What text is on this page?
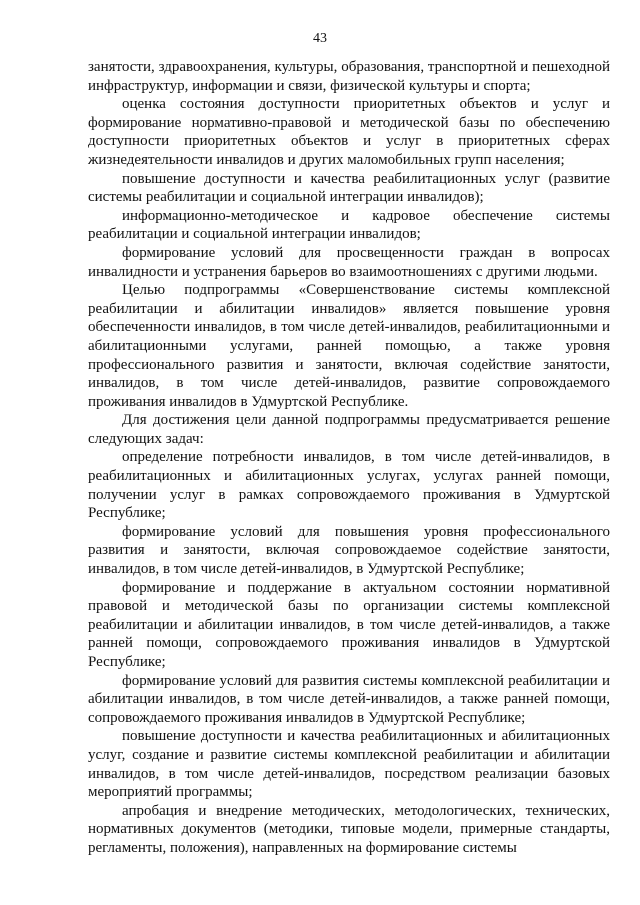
43

занятости, здравоохранения, культуры, образования, транспортной и пешеходной инфраструктур, информации и связи, физической культуры и спорта;

оценка состояния доступности приоритетных объектов и услуг и формирование нормативно-правовой и методической базы по обеспечению доступности приоритетных объектов и услуг в приоритетных сферах жизнедеятельности инвалидов и других маломобильных групп населения;

повышение доступности и качества реабилитационных услуг (развитие системы реабилитации и социальной интеграции инвалидов);

информационно-методическое и кадровое обеспечение системы реабилитации и социальной интеграции инвалидов;

формирование условий для просвещенности граждан в вопросах инвалидности и устранения барьеров во взаимоотношениях с другими людьми.

Целью подпрограммы «Совершенствование системы комплексной реабилитации и абилитации инвалидов» является повышение уровня обеспеченности инвалидов, в том числе детей-инвалидов, реабилитационными и абилитационными услугами, ранней помощью, а также уровня профессионального развития и занятости, включая содействие занятости, инвалидов, в том числе детей-инвалидов, развитие сопровождаемого проживания инвалидов в Удмуртской Республике.

Для достижения цели данной подпрограммы предусматривается решение следующих задач:

определение потребности инвалидов, в том числе детей-инвалидов, в реабилитационных и абилитационных услугах, услугах ранней помощи, получении услуг в рамках сопровождаемого проживания в Удмуртской Республике;

формирование условий для повышения уровня профессионального развития и занятости, включая сопровождаемое содействие занятости, инвалидов, в том числе детей-инвалидов, в Удмуртской Республике;

формирование и поддержание в актуальном состоянии нормативной правовой и методической базы по организации системы комплексной реабилитации и абилитации инвалидов, в том числе детей-инвалидов, а также ранней помощи, сопровождаемого проживания инвалидов в Удмуртской Республике;

формирование условий для развития системы комплексной реабилитации и абилитации инвалидов, в том числе детей-инвалидов, а также ранней помощи, сопровождаемого проживания инвалидов в Удмуртской Республике;

повышение доступности и качества реабилитационных и абилитационных услуг, создание и развитие системы комплексной реабилитации и абилитации инвалидов, в том числе детей-инвалидов, посредством реализации базовых мероприятий программы;

апробация и внедрение методических, методологических, технических, нормативных документов (методики, типовые модели, примерные стандарты, регламенты, положения), направленных на формирование системы
